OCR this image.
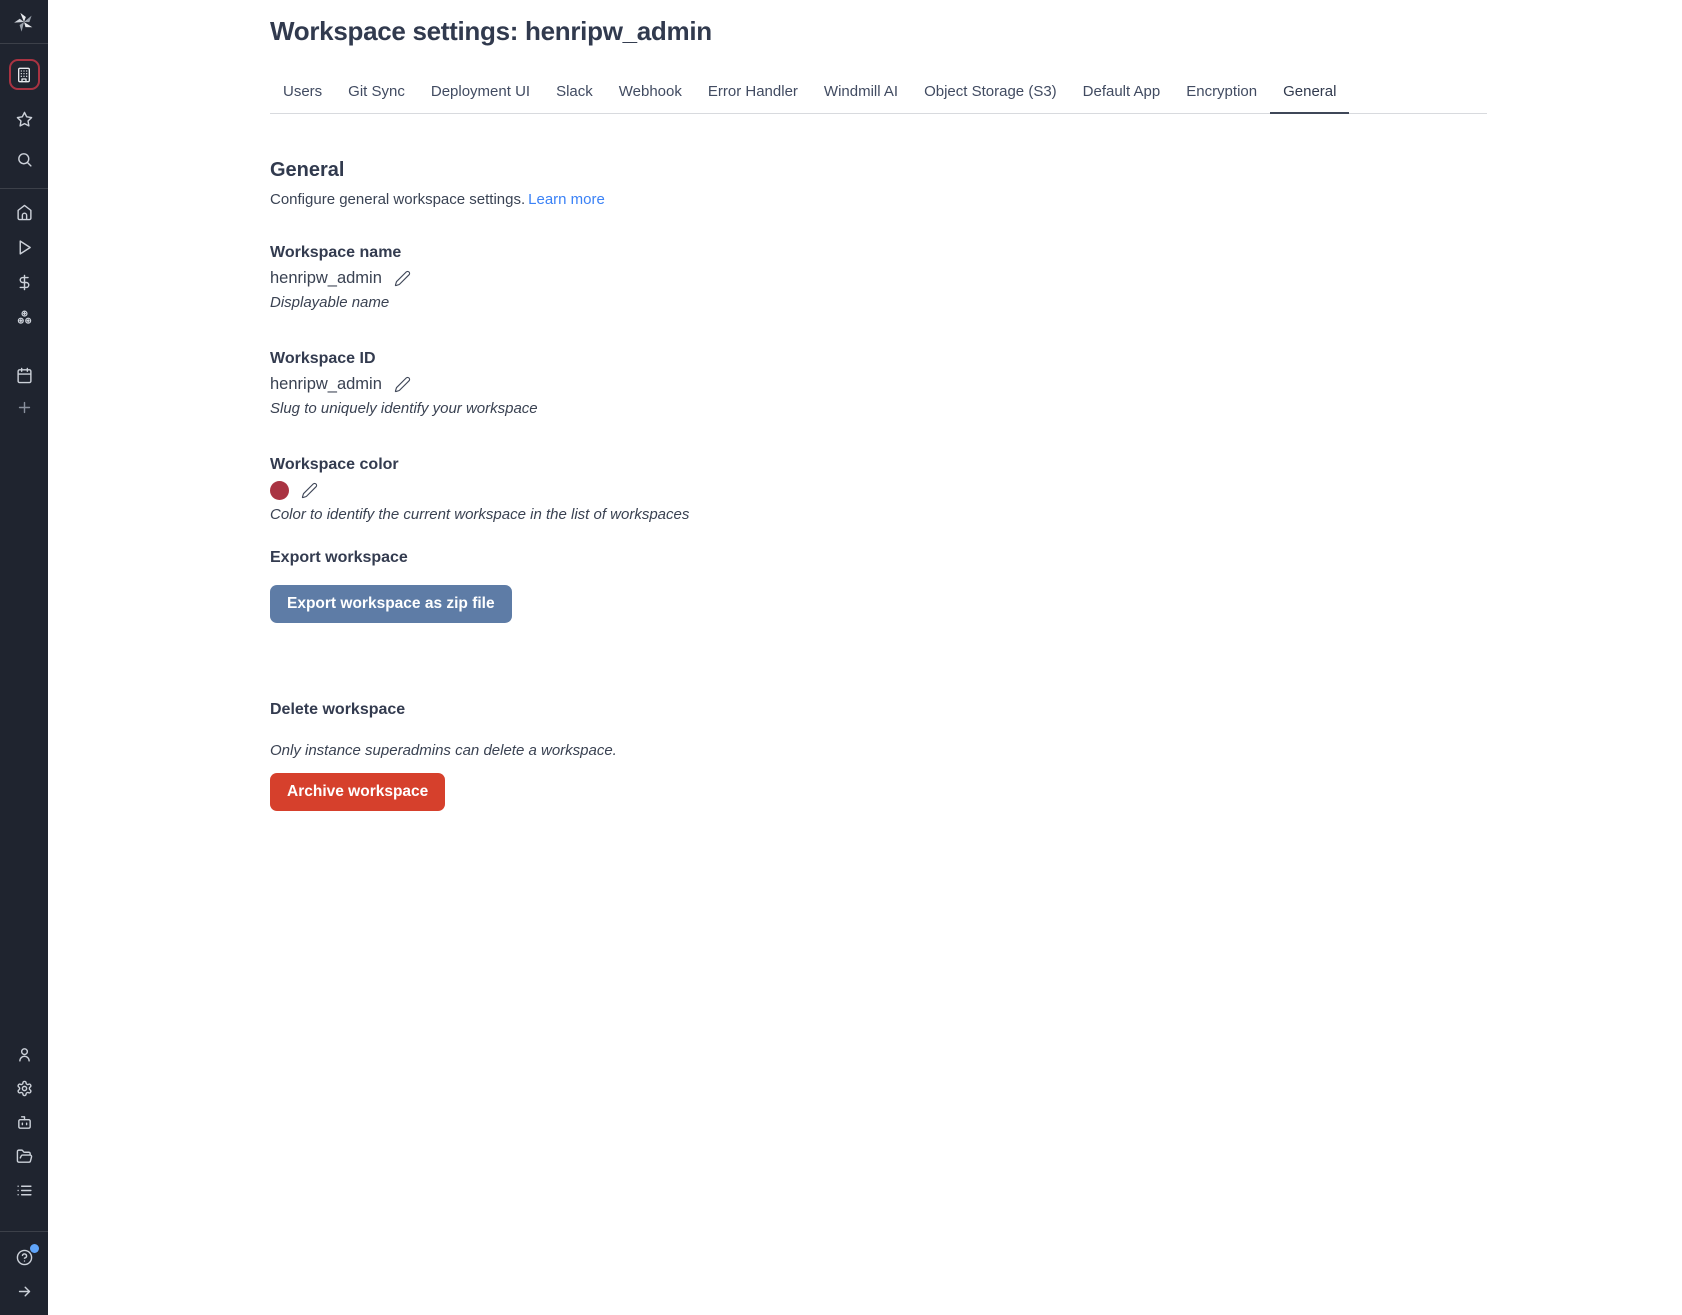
Workspace settings: henripw_admin
Users	Git Sync	Deployment UI	Slack	Webhook	Error Handler	Windmill AI	Object Storage (S3)	Default App	Encryption	General
General

Configure general workspace settings. Learn more

Workspace name
henripw_admin
Displayable name
Workspace ID
henripw_admin
Slug to uniquely identify your workspace
Workspace color
Color to identify the current workspace in the list of workspaces
Export workspace
Export workspace as zip file
Delete workspace
Only instance superadmins can delete a workspace.
Archive workspace
